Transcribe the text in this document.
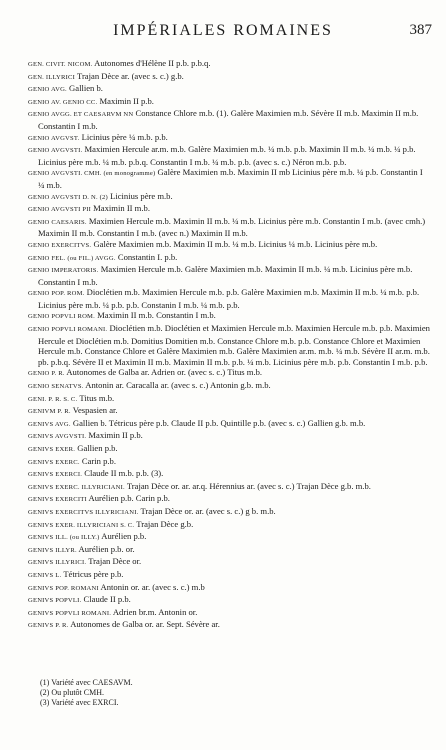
IMPÉRIALES ROMAINES	387

GEN. CIVIT. NICOM. Autonomes d'Hélène II p.b. p.b.q.

GEN. ILLYRICI Trajan Dèce ar. (avec s. c.) g.b.

GENIO AVG. Gallien b.

GENIO AV. GENIO CC. Maximin II p.b.

GENIO AVGG. ET CAESARVM NN Constance Chlore m.b. (1). Galère Maximien m.b. Sévère II m.b. Maximin II m.b. Constantin I m.b.

GENIO AVGVST. Licinius père ¼ m.b. p.b.

GENIO AVGVSTI. Maximien Hercule ar.m. m.b. Galère Maximien m.b. ¼ m.b. p.b. Maximin II m.b. ¼ m.b. ¼ p.b. Licinius père m.b. ¼ m.b. p.b.q. Constantin I m.b. ¼ m.b. p.b. (avec s. c.) Néron m.b. p.b.

GENIO AVGVSTI. CMH. (en monogramme) Galère Maximien m.b. Maximin II mb Licinius père m.b. ¼ p.b. Constantin I ¼ m.b.

GENIO AVGVSTI D. N. (2) Licinius père m.b.

GENIO AVGVSTI PII Maximin II m.b.

GENIO CAESARIS. Maximien Hercule m.b. Maximin II m.b. ¼ m.b. Licinius père m.b. Constantin I m.b. (avec cmh.) Maximin II m.b. Constantin I m.b. (avec n.) Maximin II m.b.

GENIO EXERCITVS. Galère Maximien m.b. Maximin II m.b. ¼ m.b. Licinius ¼ m.b. Licinius père m.b.

GENIO FEL. (ou FIL.) AVGG. Constantin I. p.b.

GENIO IMPERATORIS. Maximien Hercule m.b. Galère Maximien m.b. Maximin II m.b. ¼ m.b. Licinius père m.b. Constantin I m.b.

GENIO POP. ROM. Dioclétien m.b. Maximien Hercule m.b. p.b. Galère Maximien m.b. Maximin II m.b. ¼ m.b. p.b. Licinius père m.b. ¼ p.b. p.b. Constanin I m.b. ¼ m.b. p.b.

GENIO POPVLI ROM. Maximin II m.b. Constantin I m.b.

GENIO POPVLI ROMANI. Dioclétien m.b. Dioclétien et Maximien Hercule m.b. Maximien Hercule m.b. p.b. Maximien Hercule et Dioclétien m.b. Domitius Domitien m.b. Constance Chlore m.b. p.b. Constance Chlore et Maximien Hercule m.b. Constance Chlore et Galère Maximien m.b. Galère Maximien ar.m. m.b. ¼ m.b. Sévère II ar.m. m.b. pb. p.b.q. Sévère II et Maximin II m.b. Maximin II m.b. p.b. ¼ m.b. Licinius père m.b. p.b. Constantin I m.b. p.b.

GENIO P. R. Autonomes de Galba ar. Adrien or. (avec s. c.) Titus m.b.

GENIO SENATVS. Antonin ar. Caracalla ar. (avec s. c.) Antonin g.b. m.b.

GENI. P. R. S. C. Titus m.b.

GENIVM P. R. Vespasien ar.

GENIVS AVG. Gallien b. Tétricus père p.b. Claude II p.b. Quintille p.b. (avec s. c.) Gallien g.b. m.b.

GENIVS AVGVSTI. Maximin II p.b.

GENIVS EXER. Gallien p.b.

GENIVS EXERC. Carin p.b.

GENIVS EXERCI. Claude II m.b. p.b. (3).

GENIVS EXERC. ILLYRICIANI. Trajan Dèce or. ar. ar.q. Hérennius ar. (avec s. c.) Trajan Dèce g.b. m.b.

GENIVS EXERCITI Aurélien p.b. Carin p.b.

GENIVS EXERCITVS ILLYRICIANI. Trajan Dèce or. ar. (avec s. c.) g b. m.b.

GENIVS EXER. ILLYRICIANI S. C. Trajan Dèce g.b.

GENIVS ILL. (ou ILLY.) Aurélien p.b.

GENIVS ILLYR. Aurélien p.b. or.

GENIVS ILLYRICI. Trajan Dèce or.

GENIVS L. Tétricus père p.b.

GENIVS POP. ROMANI Antonin or. ar. (avec s. c.) m.b

GENIVS POPVLI. Claude II p.b.

GENIVS POPVLI ROMANI. Adrien br.m. Antonin or.

GENIVS P. R. Autonomes de Galba or. ar. Sept. Sévère ar.

(1) Variété avec CAESAVM.

(2) Ou plutôt CMH.

(3) Variété avec EXRCI.
